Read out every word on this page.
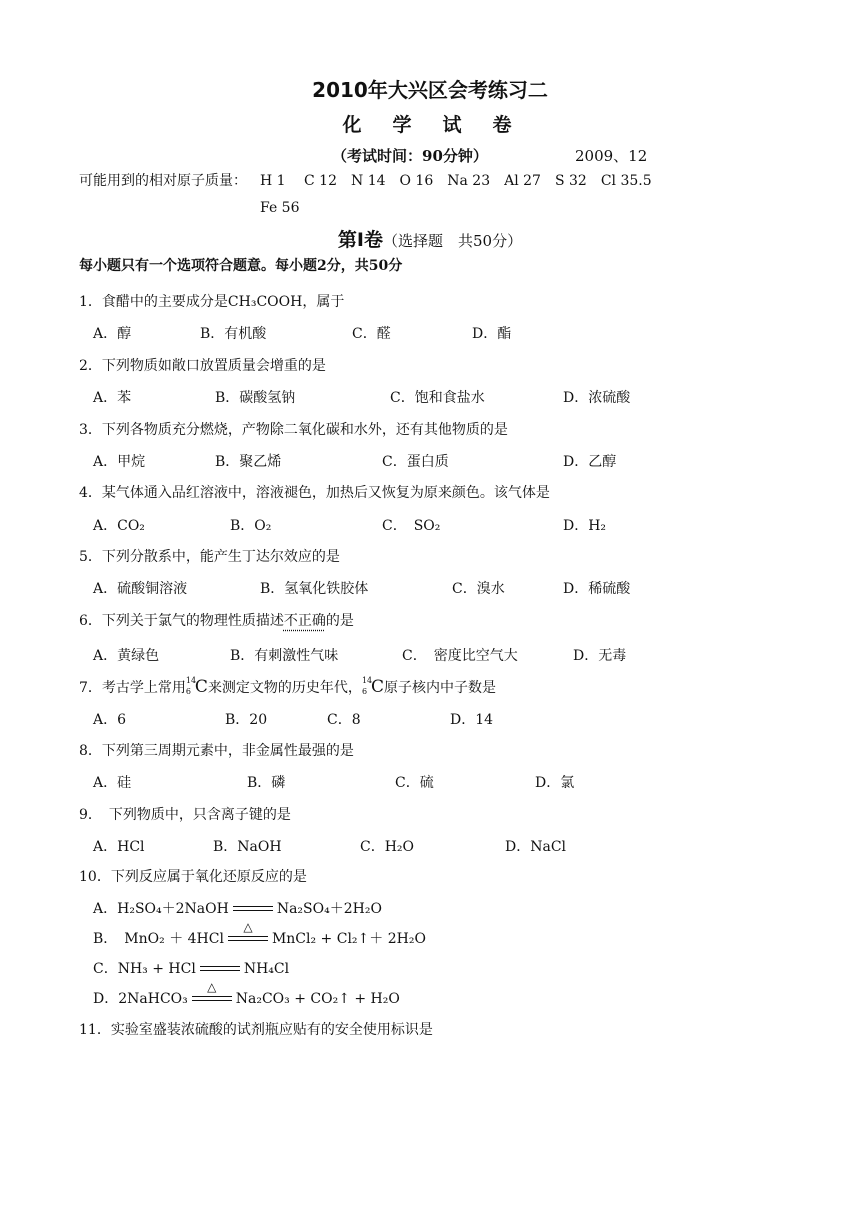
2010年大兴区会考练习二
化　学　试　卷
（考试时间：90分钟）	2009、12
可能用到的相对原子质量： H 1　 C 12　N 14　O 16　Na 23　Al 27　S 32　Cl 35.5
Fe 56
第Ⅰ卷（选择题　共50分）
每小题只有一个选项符合题意。每小题2分，共50分
1．食醋中的主要成分是CH₃COOH，属于
A．醇	B．有机酸	C．醛	D．酯
2．下列物质如敞口放置质量会增重的是
A．苯	B．碳酸氢钠	C．饱和食盐水	D．浓硫酸
3．下列各物质充分燃烧，产物除二氧化碳和水外，还有其他物质的是
A．甲烷	B．聚乙烯	C．蛋白质	D．乙醇
4．某气体通入品红溶液中，溶液褪色，加热后又恢复为原来颜色。该气体是
A．CO₂	B．O₂	C．　SO₂	D．H₂
5．下列分散系中，能产生丁达尔效应的是
A．硫酸铜溶液	B．氢氧化铁胶体	C．溴水	D．稀硫酸
6．下列关于氯气的物理性质描述不正确的是
A．黄绿色	B．有刺激性气味	C．　密度比空气大	D．无毒
7．考古学上常用 14
6 C来测定文物的历史年代， 14
6 C原子核内中子数是
A．6	B．20	C．8	D．14
8．下列第三周期元素中，非金属性最强的是
A．硅	B．磷	C．硫	D．氯
9．　下列物质中，只含离子键的是
A．HCl	B．NaOH	C．H₂O	D．NaCl
10．下列反应属于氧化还原反应的是
A．H₂SO₄＋2NaOH	Na₂SO₄＋2H₂O
B．　MnO₂ ＋ 4HCl
△
MnCl₂ + Cl₂↑＋ 2H₂O
C．NH₃ + HCl	NH₄Cl
D．2NaHCO₃
△
Na₂CO₃ + CO₂↑ + H₂O
11．实验室盛装浓硫酸的试剂瓶应贴有的安全使用标识是
